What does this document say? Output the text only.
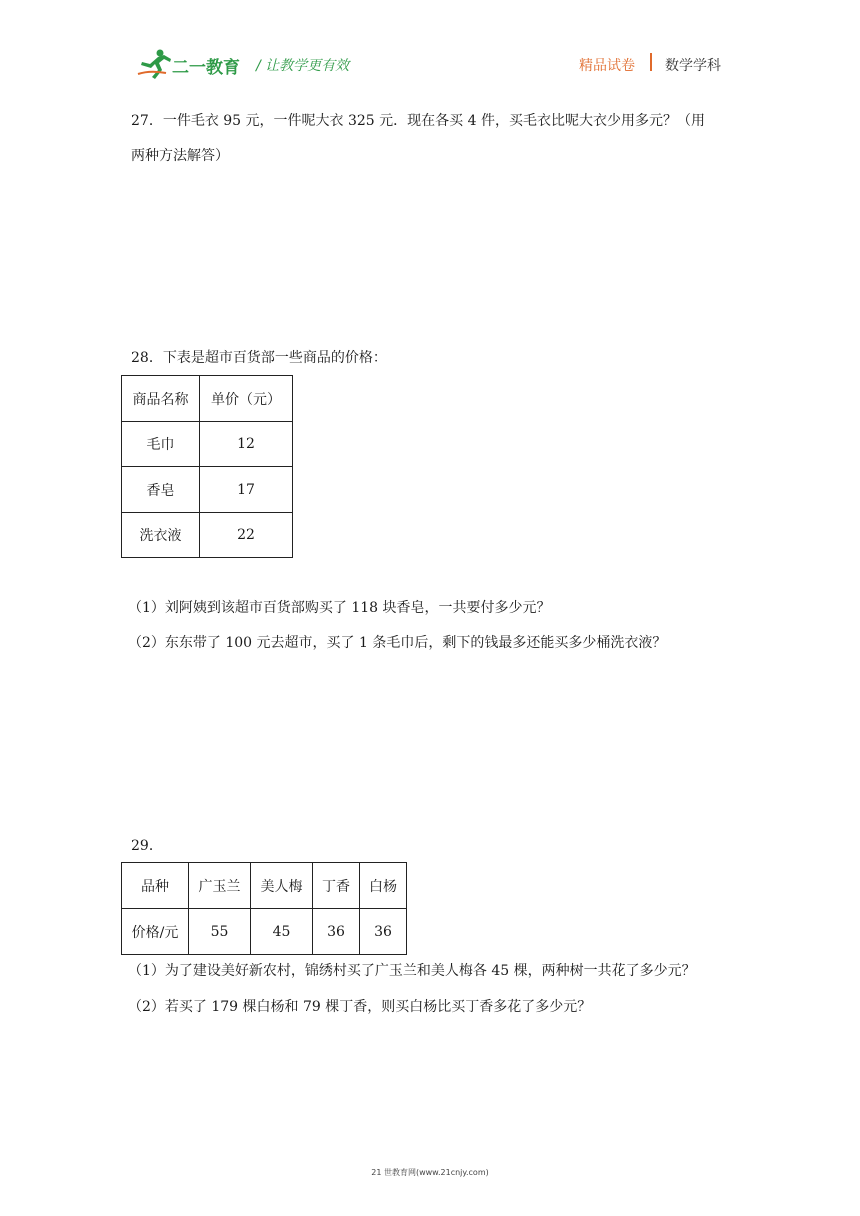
二一教育 / 让教学更有效	精品试卷 数学学科
27．一件毛衣 95 元，一件呢大衣 325 元．现在各买 4 件，买毛衣比呢大衣少用多元？（用
两种方法解答）
28．下表是超市百货部一些商品的价格：
商品名称	单价（元）
毛巾	12
香皂	17
洗衣液	22
（1）刘阿姨到该超市百货部购买了 118 块香皂，一共要付多少元？
（2）东东带了 100 元去超市，买了 1 条毛巾后，剩下的钱最多还能买多少桶洗衣液？
29．
品种	广玉兰	美人梅	丁香	白杨
价格/元	55	45	36	36
（1）为了建设美好新农村，锦绣村买了广玉兰和美人梅各 45 棵，两种树一共花了多少元？
（2）若买了 179 棵白杨和 79 棵丁香，则买白杨比买丁香多花了多少元？
21 世教育网(www.21cnjy.com)
